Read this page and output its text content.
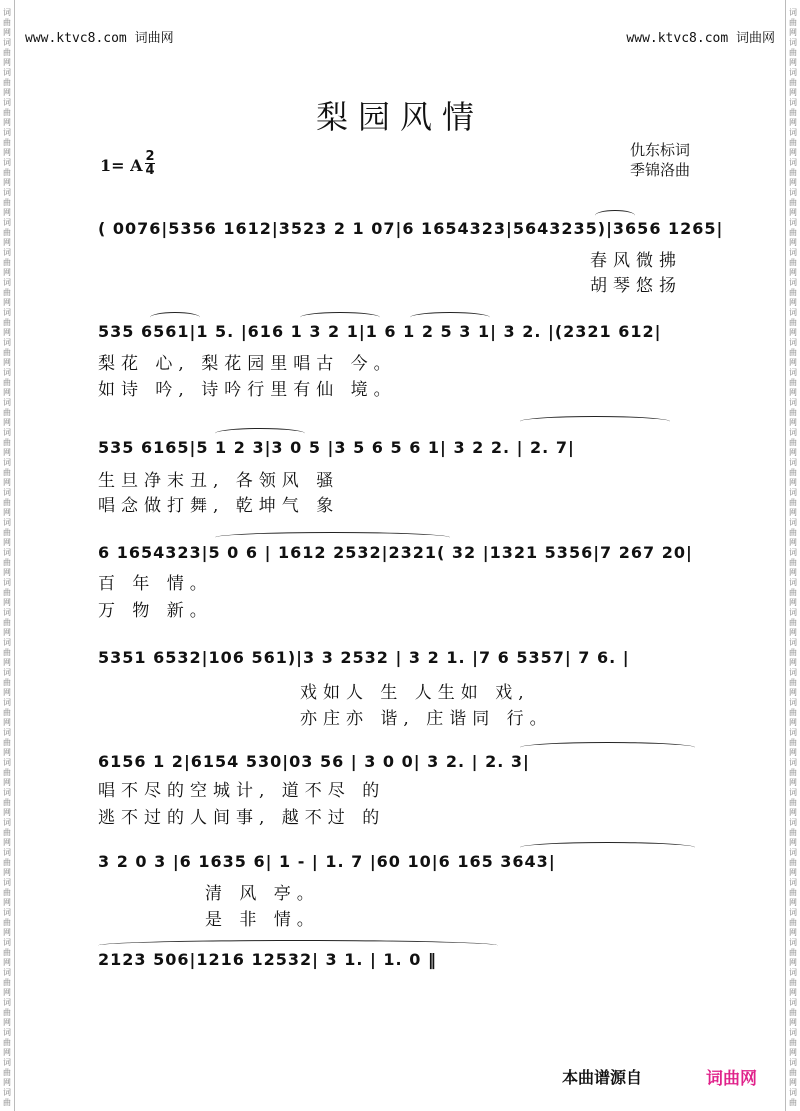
词
曲
网
词
曲
网
词
曲
网
词
曲
网
词
曲
网
词
曲
网
词
曲
网
词
曲
网
词
曲
网
词
曲
网
词
曲
网
词
曲
网
词
曲
网
词
曲
网
词
曲
网
词
曲
网
词
曲
网
词
曲
网
词
曲
网
词
曲
网
词
曲
网
词
曲
网
词
曲
网
词
曲
网
词
曲
网
词
曲
网
词
曲
网
词
曲
网
词
曲
网
词
曲
网
词
曲
网
词
曲
网
词
曲
网
词
曲
网
词
曲
网
词
曲
网
词
曲
词
曲
网
词
曲
网
词
曲
网
词
曲
网
词
曲
网
词
曲
网
词
曲
网
词
曲
网
词
曲
网
词
曲
网
词
曲
网
词
曲
网
词
曲
网
词
曲
网
词
曲
网
词
曲
网
词
曲
网
词
曲
网
词
曲
网
词
曲
网
词
曲
网
词
曲
网
词
曲
网
词
曲
网
词
曲
网
词
曲
网
词
曲
网
词
曲
网
词
曲
网
词
曲
网
词
曲
网
词
曲
网
词
曲
网
词
曲
网
词
曲
网
词
曲
网
词
曲
www.ktvc8.com 词曲网	www.ktvc8.com 词曲网
梨园风情
仇东标词
季锦洛曲
1= A 2
4
( 0076|5356 1612|3523 2 1 07|6 1654323|5643235)|3656 1265|
春风微拂
胡琴悠扬
535 6561|1 5. |616 1 3 2 1|1 6 1 2 5 3 1| 3 2. |(2321 612|
梨花 心, 梨花园里唱古 今。
如诗 吟, 诗吟行里有仙 境。
535 6165|5 1 2 3|3 0 5 |3 5 6 5 6 1| 3 2 2. | 2. 7|
生旦净末丑, 各领风 骚
唱念做打舞, 乾坤气 象
6 1654323|5 0 6 | 1612 2532|2321( 32 |1321 5356|7 267 20|
百 年 情。
万 物 新。
5351 6532|106 561)|3 3 2532 | 3 2 1. |7 6 5357| 7 6. |
戏如人 生 人生如 戏,
亦庄亦 谐, 庄谐同 行。
6156 1 2|6154 530|03 56 | 3 0 0| 3 2. | 2. 3|
唱不尽的空城计, 道不尽 的
逃不过的人间事, 越不过 的
3 2 0 3 |6 1635 6| 1 - | 1. 7 |60 10|6 165 3643|
清 风 亭。
是 非 情。
2123 506|1216 12532| 3 1. | 1. 0 ‖
本曲谱源自	词曲网
